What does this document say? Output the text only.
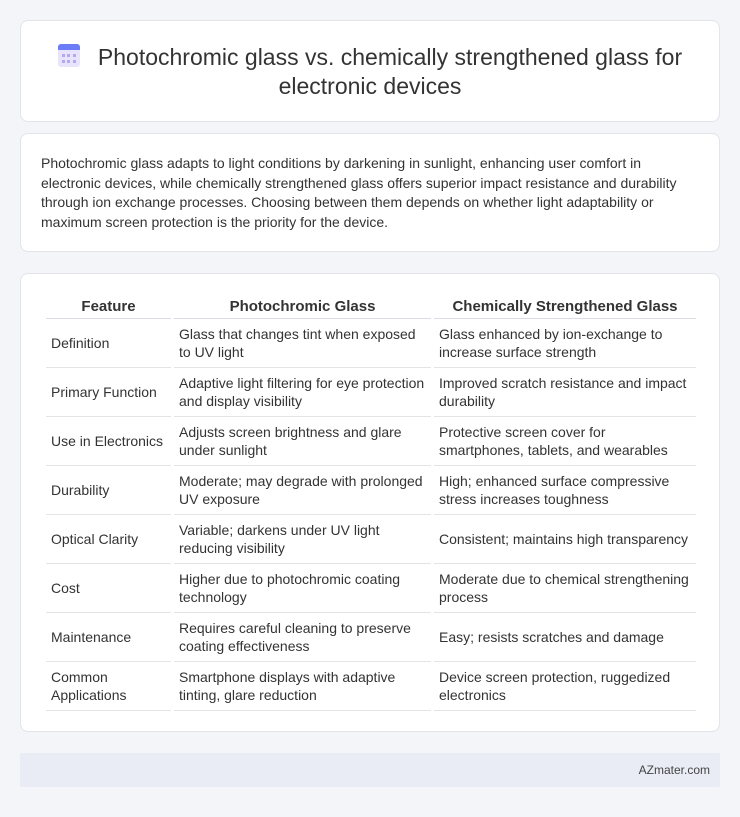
Photochromic glass vs. chemically strengthened glass for electronic devices

Photochromic glass adapts to light conditions by darkening in sunlight, enhancing user comfort in electronic devices, while chemically strengthened glass offers superior impact resistance and durability through ion exchange processes. Choosing between them depends on whether light adaptability or maximum screen protection is the priority for the device.

Feature	Photochromic Glass	Chemically Strengthened Glass
Definition	Glass that changes tint when exposed to UV light	Glass enhanced by ion-exchange to increase surface strength
Primary Function	Adaptive light filtering for eye protection and display visibility	Improved scratch resistance and impact durability
Use in Electronics	Adjusts screen brightness and glare under sunlight	Protective screen cover for smartphones, tablets, and wearables
Durability	Moderate; may degrade with prolonged UV exposure	High; enhanced surface compressive stress increases toughness
Optical Clarity	Variable; darkens under UV light reducing visibility	Consistent; maintains high transparency
Cost	Higher due to photochromic coating technology	Moderate due to chemical strengthening process
Maintenance	Requires careful cleaning to preserve coating effectiveness	Easy; resists scratches and damage
Common Applications	Smartphone displays with adaptive tinting, glare reduction	Device screen protection, ruggedized electronics
AZmater.com
